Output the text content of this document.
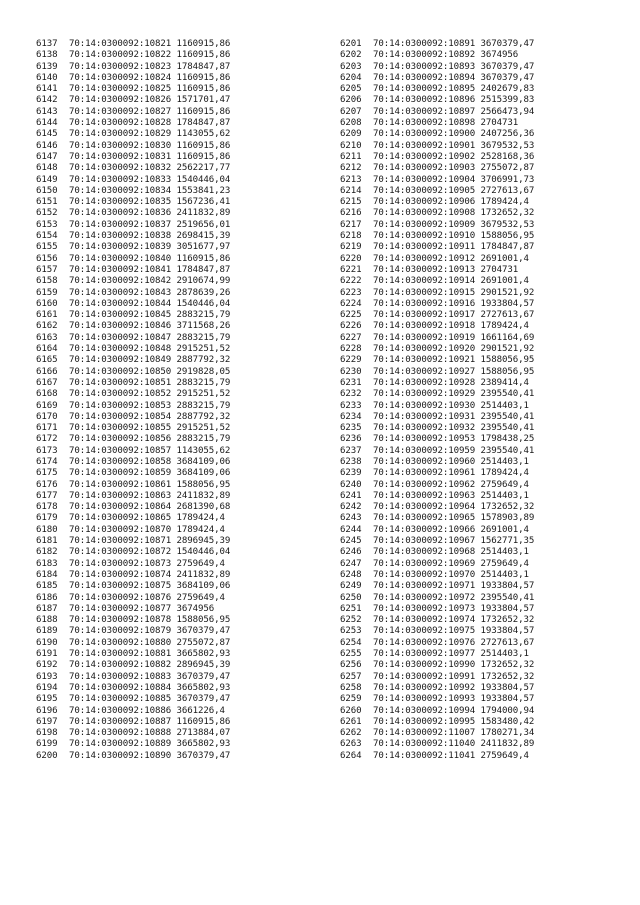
6137 70:14:0300092:10821 1160915,86
6138 70:14:0300092:10822 1160915,86
6139 70:14:0300092:10823 1784847,87
6140 70:14:0300092:10824 1160915,86
6141 70:14:0300092:10825 1160915,86
6142 70:14:0300092:10826 1571701,47
6143 70:14:0300092:10827 1160915,86
6144 70:14:0300092:10828 1784847,87
6145 70:14:0300092:10829 1143055,62
6146 70:14:0300092:10830 1160915,86
6147 70:14:0300092:10831 1160915,86
6148 70:14:0300092:10832 2562217,77
6149 70:14:0300092:10833 1540446,04
6150 70:14:0300092:10834 1553841,23
6151 70:14:0300092:10835 1567236,41
6152 70:14:0300092:10836 2411832,89
6153 70:14:0300092:10837 2519656,01
6154 70:14:0300092:10838 2698415,39
6155 70:14:0300092:10839 3051677,97
6156 70:14:0300092:10840 1160915,86
6157 70:14:0300092:10841 1784847,87
6158 70:14:0300092:10842 2910674,99
6159 70:14:0300092:10843 2878639,26
6160 70:14:0300092:10844 1540446,04
6161 70:14:0300092:10845 2883215,79
6162 70:14:0300092:10846 3711568,26
6163 70:14:0300092:10847 2883215,79
6164 70:14:0300092:10848 2915251,52
6165 70:14:0300092:10849 2887792,32
6166 70:14:0300092:10850 2919828,05
6167 70:14:0300092:10851 2883215,79
6168 70:14:0300092:10852 2915251,52
6169 70:14:0300092:10853 2883215,79
6170 70:14:0300092:10854 2887792,32
6171 70:14:0300092:10855 2915251,52
6172 70:14:0300092:10856 2883215,79
6173 70:14:0300092:10857 1143055,62
6174 70:14:0300092:10858 3684109,06
6175 70:14:0300092:10859 3684109,06
6176 70:14:0300092:10861 1588056,95
6177 70:14:0300092:10863 2411832,89
6178 70:14:0300092:10864 2681390,68
6179 70:14:0300092:10865 1789424,4
6180 70:14:0300092:10870 1789424,4
6181 70:14:0300092:10871 2896945,39
6182 70:14:0300092:10872 1540446,04
6183 70:14:0300092:10873 2759649,4
6184 70:14:0300092:10874 2411832,89
6185 70:14:0300092:10875 3684109,06
6186 70:14:0300092:10876 2759649,4
6187 70:14:0300092:10877 3674956
6188 70:14:0300092:10878 1588056,95
6189 70:14:0300092:10879 3670379,47
6190 70:14:0300092:10880 2755072,87
6191 70:14:0300092:10881 3665802,93
6192 70:14:0300092:10882 2896945,39
6193 70:14:0300092:10883 3670379,47
6194 70:14:0300092:10884 3665802,93
6195 70:14:0300092:10885 3670379,47
6196 70:14:0300092:10886 3661226,4
6197 70:14:0300092:10887 1160915,86
6198 70:14:0300092:10888 2713884,07
6199 70:14:0300092:10889 3665802,93
6200 70:14:0300092:10890 3670379,47
6201 70:14:0300092:10891 3670379,47
6202 70:14:0300092:10892 3674956
6203 70:14:0300092:10893 3670379,47
6204 70:14:0300092:10894 3670379,47
6205 70:14:0300092:10895 2402679,83
6206 70:14:0300092:10896 2515399,83
6207 70:14:0300092:10897 2566473,94
6208 70:14:0300092:10898 2704731
6209 70:14:0300092:10900 2407256,36
6210 70:14:0300092:10901 3679532,53
6211 70:14:0300092:10902 2528168,36
6212 70:14:0300092:10903 2755072,87
6213 70:14:0300092:10904 3706991,73
6214 70:14:0300092:10905 2727613,67
6215 70:14:0300092:10906 1789424,4
6216 70:14:0300092:10908 1732652,32
6217 70:14:0300092:10909 3679532,53
6218 70:14:0300092:10910 1588056,95
6219 70:14:0300092:10911 1784847,87
6220 70:14:0300092:10912 2691001,4
6221 70:14:0300092:10913 2704731
6222 70:14:0300092:10914 2691001,4
6223 70:14:0300092:10915 2901521,92
6224 70:14:0300092:10916 1933804,57
6225 70:14:0300092:10917 2727613,67
6226 70:14:0300092:10918 1789424,4
6227 70:14:0300092:10919 1661164,69
6228 70:14:0300092:10920 2901521,92
6229 70:14:0300092:10921 1588056,95
6230 70:14:0300092:10927 1588056,95
6231 70:14:0300092:10928 2389414,4
6232 70:14:0300092:10929 2395540,41
6233 70:14:0300092:10930 2514403,1
6234 70:14:0300092:10931 2395540,41
6235 70:14:0300092:10932 2395540,41
6236 70:14:0300092:10953 1798438,25
6237 70:14:0300092:10959 2395540,41
6238 70:14:0300092:10960 2514403,1
6239 70:14:0300092:10961 1789424,4
6240 70:14:0300092:10962 2759649,4
6241 70:14:0300092:10963 2514403,1
6242 70:14:0300092:10964 1732652,32
6243 70:14:0300092:10965 1578903,89
6244 70:14:0300092:10966 2691001,4
6245 70:14:0300092:10967 1562771,35
6246 70:14:0300092:10968 2514403,1
6247 70:14:0300092:10969 2759649,4
6248 70:14:0300092:10970 2514403,1
6249 70:14:0300092:10971 1933804,57
6250 70:14:0300092:10972 2395540,41
6251 70:14:0300092:10973 1933804,57
6252 70:14:0300092:10974 1732652,32
6253 70:14:0300092:10975 1933804,57
6254 70:14:0300092:10976 2727613,67
6255 70:14:0300092:10977 2514403,1
6256 70:14:0300092:10990 1732652,32
6257 70:14:0300092:10991 1732652,32
6258 70:14:0300092:10992 1933804,57
6259 70:14:0300092:10993 1933804,57
6260 70:14:0300092:10994 1794000,94
6261 70:14:0300092:10995 1583480,42
6262 70:14:0300092:11007 1780271,34
6263 70:14:0300092:11040 2411832,89
6264 70:14:0300092:11041 2759649,4
